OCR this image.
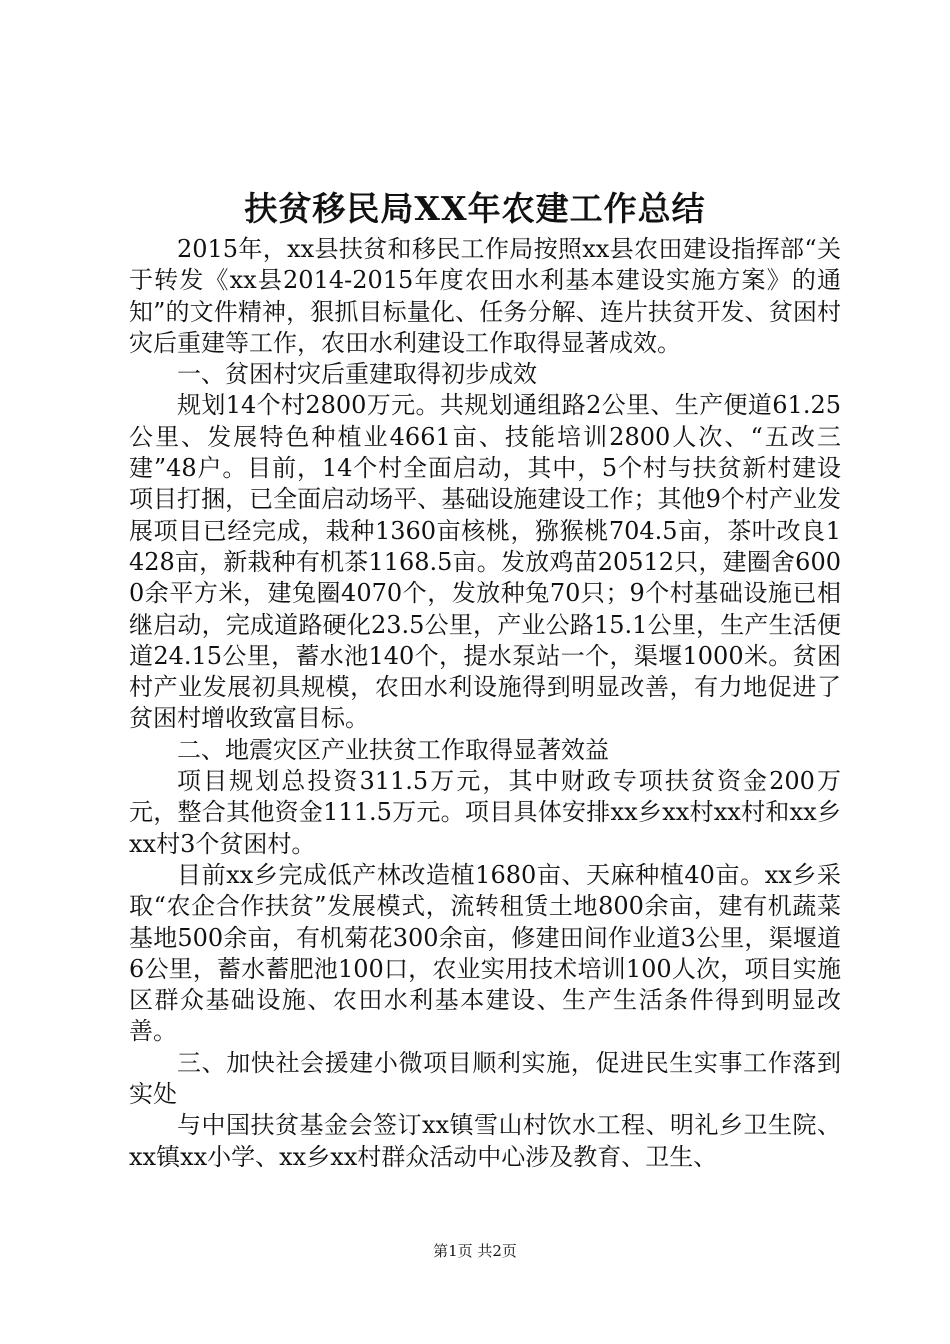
扶贫移民局XX年农建工作总结

2015年，xx县扶贫和移民工作局按照xx县农田建设指挥部“关于转发《xx县2014-2015年度农田水利基本建设实施方案》的通知”的文件精神，狠抓目标量化、任务分解、连片扶贫开发、贫困村灾后重建等工作，农田水利建设工作取得显著成效。

一、贫困村灾后重建取得初步成效

规划14个村2800万元。共规划通组路2公里、生产便道61.25公里、发展特色种植业4661亩、技能培训2800人次、“五改三建”48户。目前，14个村全面启动，其中，5个村与扶贫新村建设项目打捆，已全面启动场平、基础设施建设工作；其他9个村产业发展项目已经完成，栽种1360亩核桃，猕猴桃704.5亩，茶叶改良1428亩，新栽种有机茶1168.5亩。发放鸡苗20512只，建圈舍6000余平方米，建兔圈4070个，发放种兔70只；9个村基础设施已相继启动，完成道路硬化23.5公里，产业公路15.1公里，生产生活便道24.15公里，蓄水池140个，提水泵站一个，渠堰1000米。贫困村产业发展初具规模，农田水利设施得到明显改善，有力地促进了贫困村增收致富目标。

二、地震灾区产业扶贫工作取得显著效益

项目规划总投资311.5万元，其中财政专项扶贫资金200万元，整合其他资金111.5万元。项目具体安排xx乡xx村xx村和xx乡xx村3个贫困村。

目前xx乡完成低产林改造植1680亩、天麻种植40亩。xx乡采取“农企合作扶贫”发展模式，流转租赁土地800余亩，建有机蔬菜基地500余亩，有机菊花300余亩，修建田间作业道3公里，渠堰道6公里，蓄水蓄肥池100口，农业实用技术培训100人次，项目实施区群众基础设施、农田水利基本建设、生产生活条件得到明显改善。

三、加快社会援建小微项目顺利实施，促进民生实事工作落到实处

与中国扶贫基金会签订xx镇雪山村饮水工程、明礼乡卫生院、xx镇xx小学、xx乡xx村群众活动中心涉及教育、卫生、

第1页 共2页
